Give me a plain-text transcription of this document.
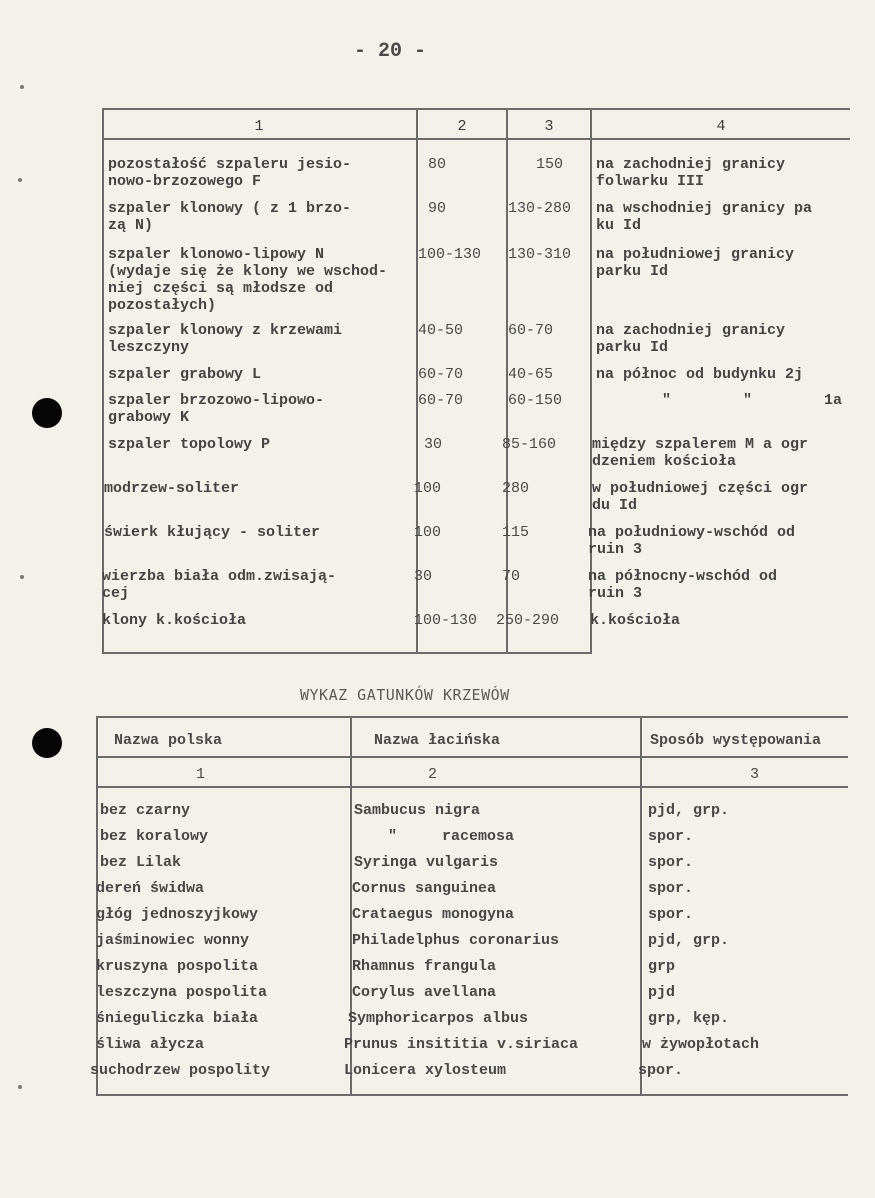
- 20 -
1	2	3	4
pozostałość szpaleru jesio-
nowo-brzozowego F
80	150 na zachodniej granicy
folwarku III
szpaler klonowy ( z 1 brzo-
zą N)
90	130-280 na wschodniej granicy pa
ku Id
szpaler klonowo-lipowy N
(wydaje się że klony we wschod-
niej części są młodsze od
pozostałych)
100-130 130-310 na południowej granicy
parku Id
szpaler klonowy z krzewami
leszczyny
40-50	60-70	na zachodniej granicy
parku Id
szpaler grabowy L	60-70	40-65	na północ od budynku 2j
szpaler brzozowo-lipowo-
grabowy K
60-70	60-150	"        "        1a
szpaler topolowy P	30	85-160 między szpalerem M a ogr
dzeniem kościoła
modrzew-soliter	100	280	w południowej części ogr
du Id
świerk kłujący - soliter	100	115	na południowy-wschód od
ruin 3
wierzba biała odm.zwisają-
cej
30	70	na północny-wschód od
ruin 3
klony k.kościoła	100-130 250-290 k.kościoła
WYKAZ GATUNKÓW KRZEWÓW
Nazwa polska	Nazwa łacińska	Sposób występowania
1	2	3
bez czarny	Sambucus nigra	pjd, grp.
bez koralowy	"     racemosa	spor.
bez Lilak	Syringa vulgaris	spor.
dereń świdwa	Cornus sanguinea	spor.
głóg jednoszyjkowy	Crataegus monogyna	spor.
jaśminowiec wonny	Philadelphus coronarius	pjd, grp.
kruszyna pospolita	Rhamnus frangula	grp
leszczyna pospolita	Corylus avellana	pjd
śnieguliczka biała	Symphoricarpos albus	grp, kęp.
śliwa ałycza	Prunus insititia v.siriaca	w żywopłotach
suchodrzew pospolity	Lonicera xylosteum	spor.
